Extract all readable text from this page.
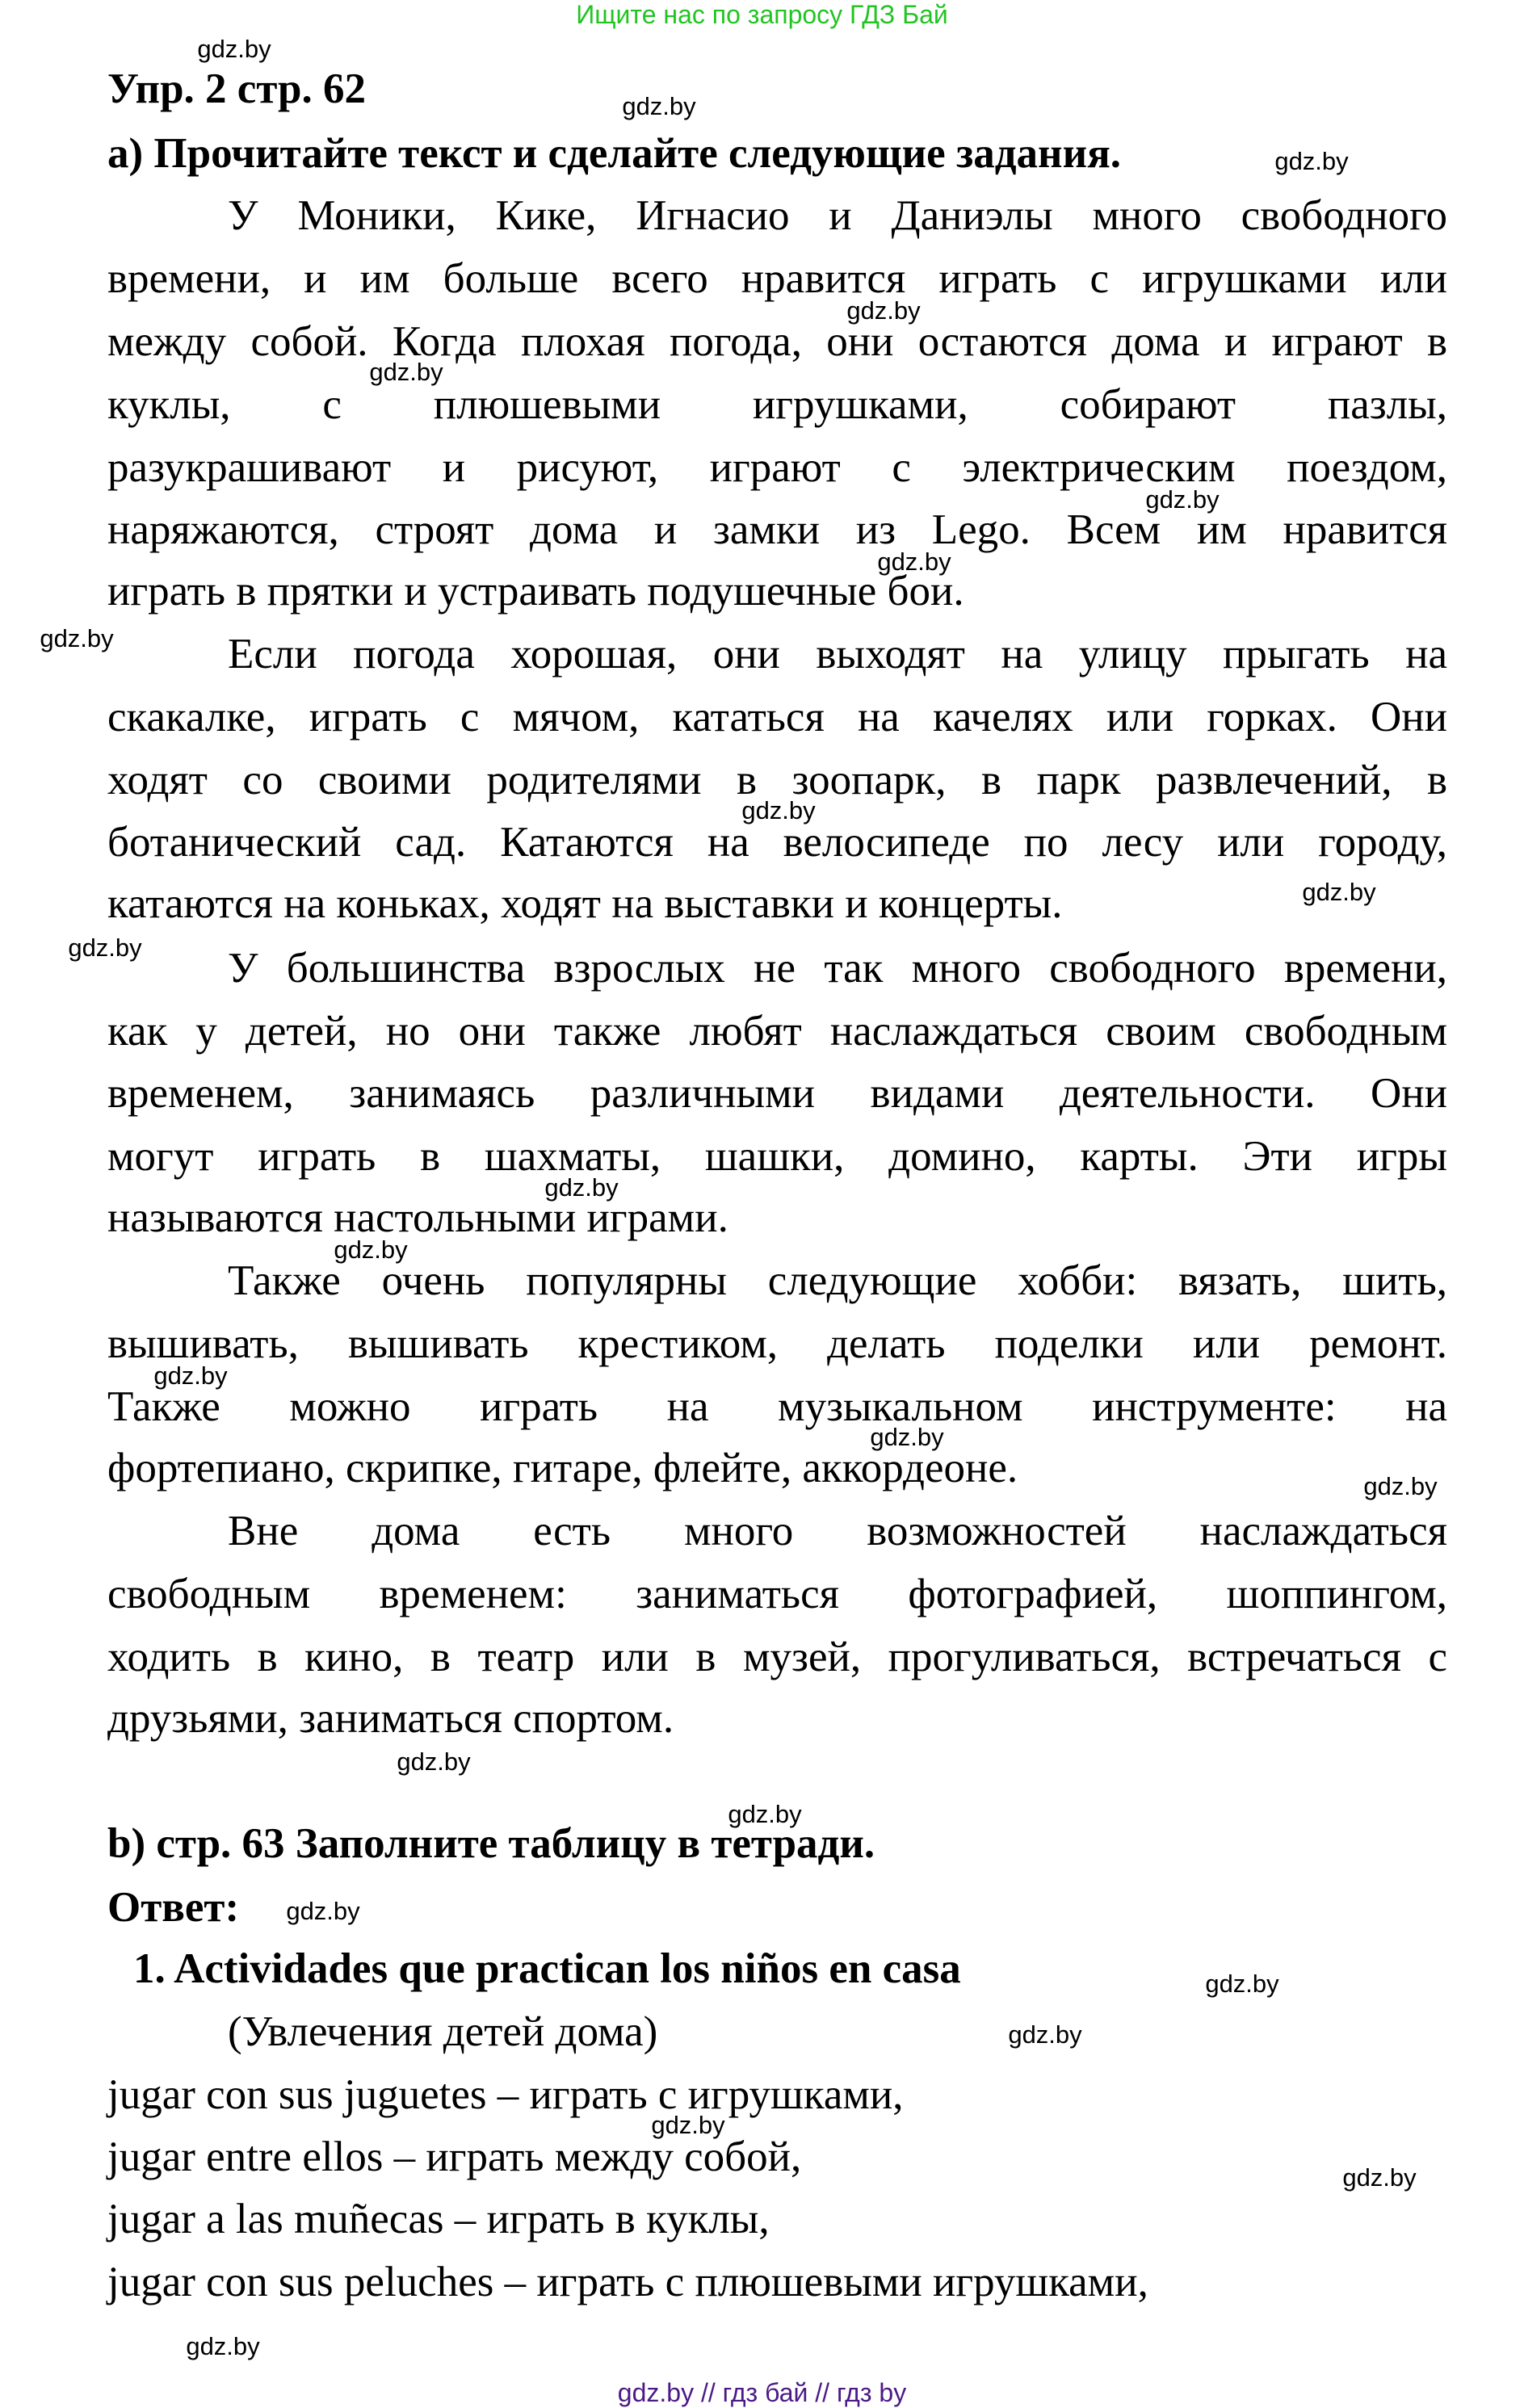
Ищите нас по запросу ГДЗ Бай
Упр. 2 стр. 62
а) Прочитайте текст и сделайте следующие задания.
У Моники, Кике, Игнасио и Даниэлы много свободного
времени, и им больше всего нравится играть с игрушками или
между собой. Когда плохая погода, они остаются дома и играют в
куклы, с плюшевыми игрушками, собирают пазлы,
разукрашивают и рисуют, играют с электрическим поездом,
наряжаются, строят дома и замки из Lego. Всем им нравится
играть в прятки и устраивать подушечные бои.
Если погода хорошая, они выходят на улицу прыгать на
скакалке, играть с мячом, кататься на качелях или горках. Они
ходят со своими родителями в зоопарк, в парк развлечений, в
ботанический сад. Катаются на велосипеде по лесу или городу,
катаются на коньках, ходят на выставки и концерты.
У большинства взрослых не так много свободного времени,
как у детей, но они также любят наслаждаться своим свободным
временем, занимаясь различными видами деятельности. Они
могут играть в шахматы, шашки, домино, карты. Эти игры
называются настольными играми.
Также очень популярны следующие хобби: вязать, шить,
вышивать, вышивать крестиком, делать поделки или ремонт.
Также можно играть на музыкальном инструменте: на
фортепиано, скрипке, гитаре, флейте, аккордеоне.
Вне дома есть много возможностей наслаждаться
свободным временем: заниматься фотографией, шоппингом,
ходить в кино, в театр или в музей, прогуливаться, встречаться с
друзьями, заниматься спортом.
b) стр. 63 Заполните таблицу в тетради.
Ответ:
1. Actividades que practican los niños en casa
(Увлечения детей дома)
jugar con sus juguetes – играть с игрушками,
jugar entre ellos – играть между собой,
jugar a las muñecas – играть в куклы,
jugar con sus peluches – играть с плюшевыми игрушками,
gdz.by
gdz.by
gdz.by
gdz.by
gdz.by
gdz.by
gdz.by
gdz.by
gdz.by
gdz.by
gdz.by
gdz.by
gdz.by
gdz.by
gdz.by
gdz.by
gdz.by
gdz.by
gdz.by
gdz.by
gdz.by
gdz.by
gdz.by
gdz.by
gdz.by // гдз бай // гдз by
